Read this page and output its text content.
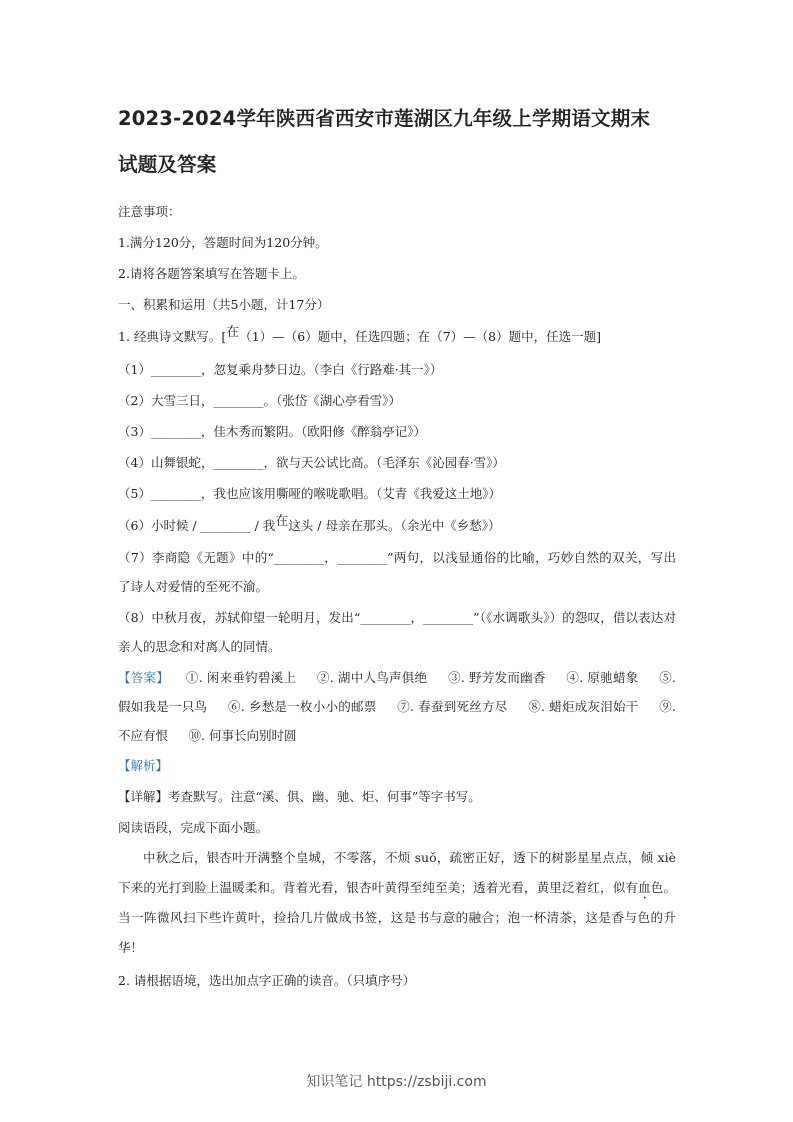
2023-2024学年陕西省西安市莲湖区九年级上学期语文期末
试题及答案
注意事项：
1.满分120分，答题时间为120分钟。
2.请将各题答案填写在答题卡上。
一、积累和运用（共5小题，计17分）
1. 经典诗文默写。[在（1）—（6）题中，任选四题；在（7）—（8）题中，任选一题]
（1）________，忽复乘舟梦日边。（李白《行路难·其一》）
（2）大雪三日，________。（张岱《湖心亭看雪》）
（3）________，佳木秀而繁阴。（欧阳修《醉翁亭记》）
（4）山舞银蛇，________，欲与天公试比高。（毛泽东《沁园春·雪》）
（5）________，我也应该用嘶哑的喉咙歌唱。（艾青《我爱这土地》）
（6）小时候 / ________ / 我在这头 / 母亲在那头。（余光中《乡愁》）
（7）李商隐《无题》中的“________，________”两句，以浅显通俗的比喻，巧妙自然的双关，写出了诗人对爱情的至死不渝。
（8）中秋月夜，苏轼仰望一轮明月，发出“________，________”（《水调歌头》）的怨叹，借以表达对亲人的思念和对离人的同情。
【答案】  ①. 闲来垂钓碧溪上  ②. 湖中人鸟声俱绝  ③. 野芳发而幽香  ④. 原驰蜡象  ⑤. 假如我是一只鸟  ⑥. 乡愁是一枚小小的邮票  ⑦. 春蚕到死丝方尽  ⑧. 蜡炬成灰泪始干  ⑨. 不应有恨  ⑩. 何事长向别时圆
【解析】
【详解】考查默写。注意“溪、俱、幽、驰、炬、何事”等字书写。
阅读语段，完成下面小题。
中秋之后，银杏叶开满整个皇城，不零落，不烦 suǒ，疏密正好，透下的树影星星点点，倾 xiè下来的光打到脸上温暖柔和。背着光看，银杏叶黄得至纯至美；透着光看，黄里泛着红，似有血色。当一阵微风扫下些许黄叶，捡拾几片做成书签，这是书与意的融合；泡一杯清茶，这是香与色的升华！
2. 请根据语境，选出加点字正确的读音。（只填序号）
知识笔记 https://zsbiji.com
